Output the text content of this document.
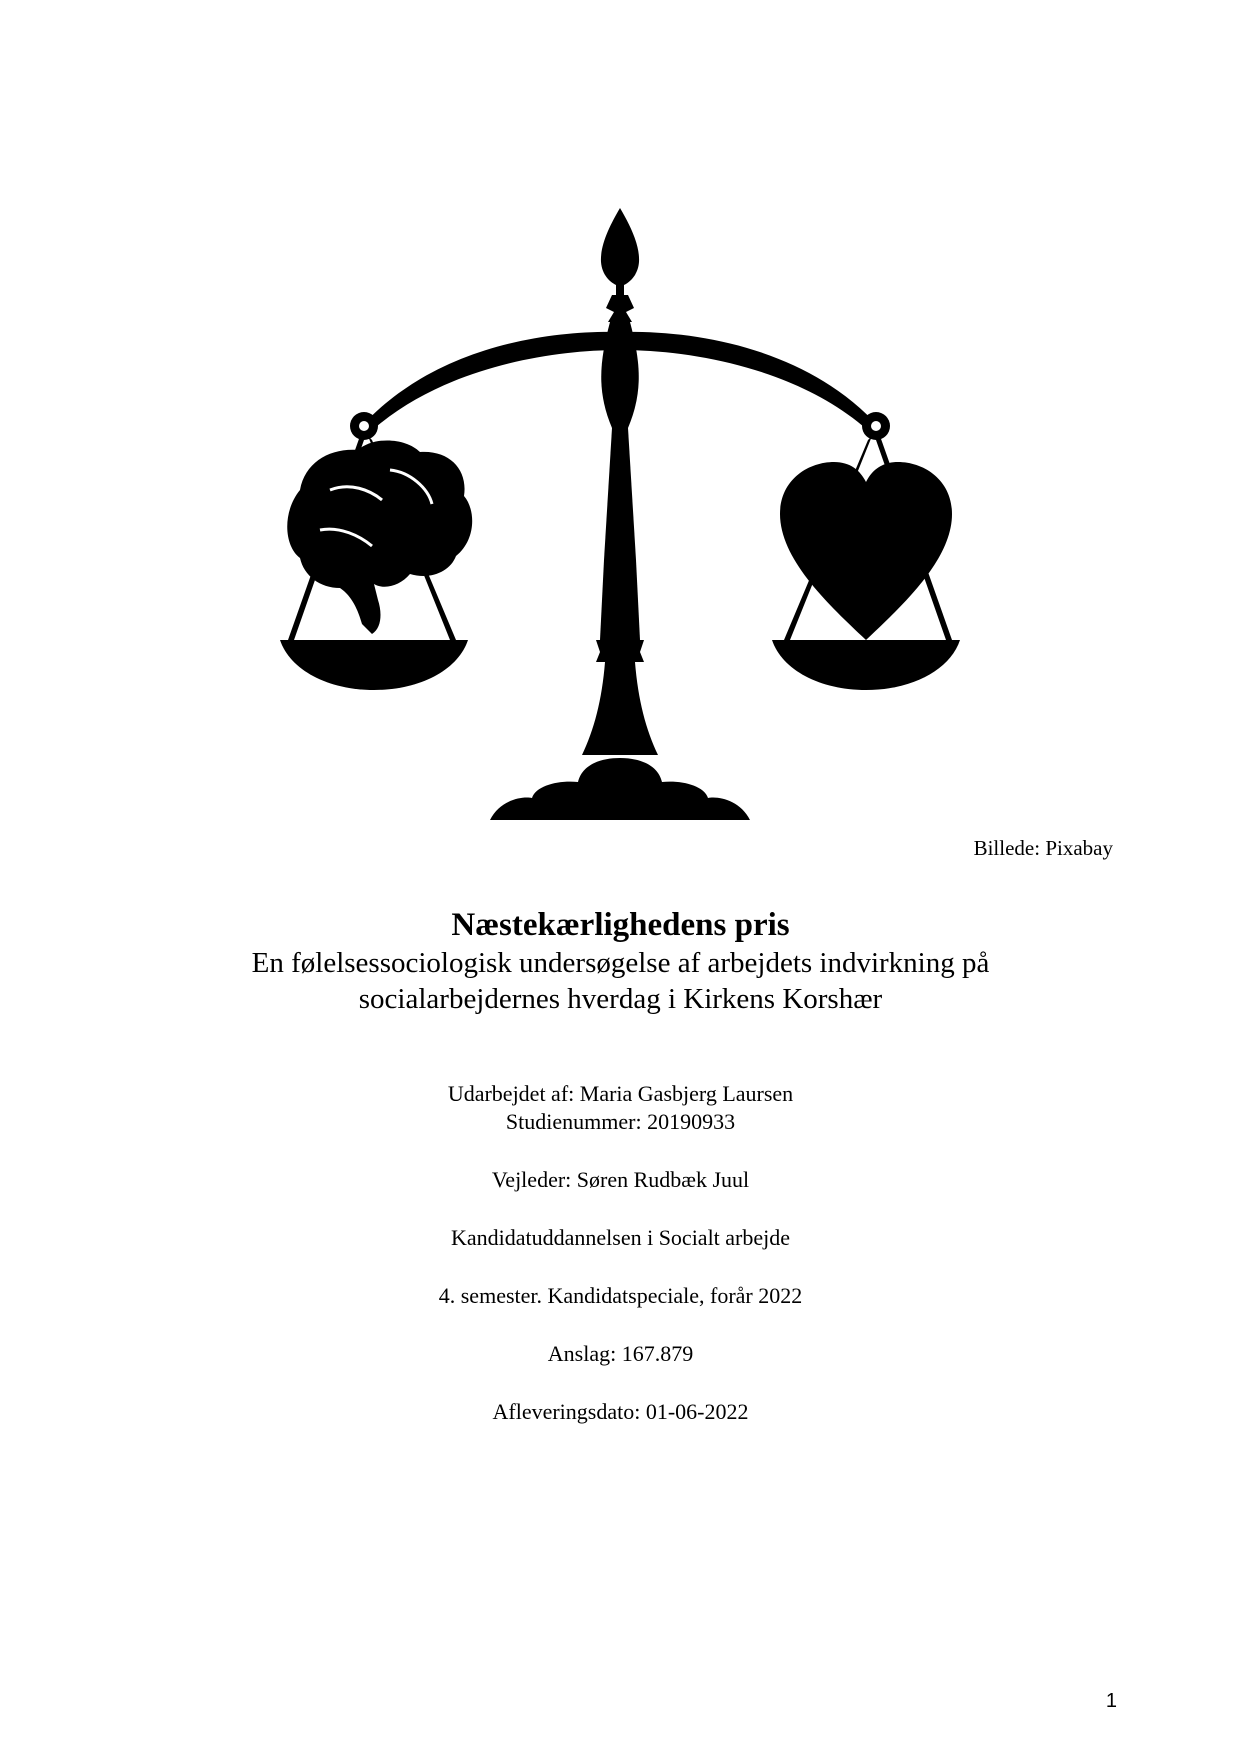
Billede: Pixabay
Næstekærlighedens pris
En følelsessociologisk undersøgelse af arbejdets indvirkning på
socialarbejdernes hverdag i Kirkens Korshær
Udarbejdet af: Maria Gasbjerg Laursen
Studienummer: 20190933
Vejleder: Søren Rudbæk Juul
Kandidatuddannelsen i Socialt arbejde
4. semester. Kandidatspeciale, forår 2022
Anslag: 167.879
Afleveringsdato: 01-06-2022
1
